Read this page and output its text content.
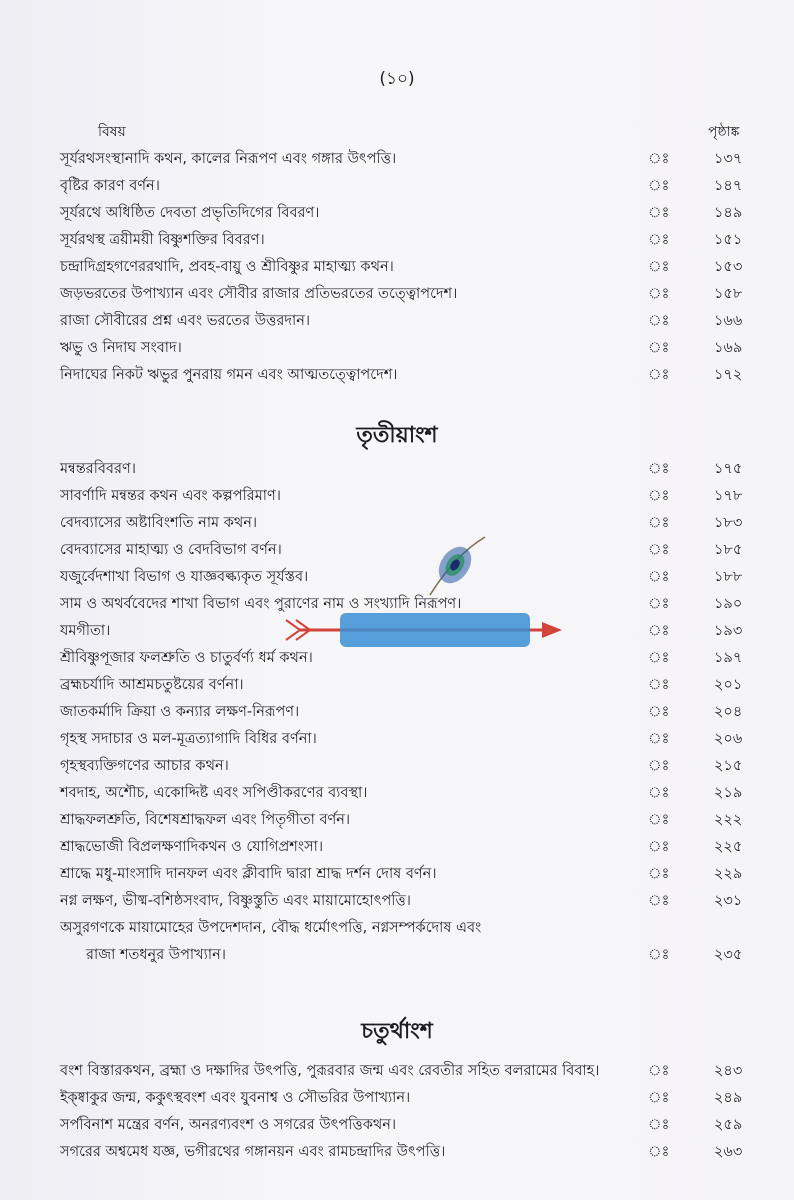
(১০)
বিষয়	পৃষ্ঠাঙ্ক
সূর্যরথসংস্থানাদি কথন, কালের নিরূপণ এবং গঙ্গার উৎপত্তি।	ঃ	১৩৭
বৃষ্টির কারণ বর্ণন।	ঃ	১৪৭
সূর্যরথে অধিষ্ঠিত দেবতা প্রভৃতিদিগের বিবরণ।	ঃ	১৪৯
সূর্যরথস্থ ত্রয়ীময়ী বিষ্ণুশক্তির বিবরণ।	ঃ	১৫১
চন্দ্রাদিগ্রহগণেররথাদি, প্রবহ-বায়ু ও শ্রীবিষ্ণুর মাহাত্ম্য কথন।	ঃ	১৫৩
জড়ভরতের উপাখ্যান এবং সৌবীর রাজার প্রতিভরতের তত্ত্বোপদেশ।	ঃ	১৫৮
রাজা সৌবীরের প্রশ্ন এবং ভরতের উত্তরদান।	ঃ	১৬৬
ঋভু ও নিদাঘ সংবাদ।	ঃ	১৬৯
নিদাঘের নিকট ঋভুর পুনরায় গমন এবং আত্মতত্ত্বোপদেশ।	ঃ	১৭২
তৃতীয়াংশ
মন্বন্তরবিবরণ।	ঃ	১৭৫
সাবর্ণাদি মন্বন্তর কথন এবং কল্পপরিমাণ।	ঃ	১৭৮
বেদব্যাসের অষ্টাবিংশতি নাম কথন।	ঃ	১৮৩
বেদব্যাসের মাহাত্ম্য ও বেদবিভাগ বর্ণন।	ঃ	১৮৫
যজুর্বেদশাখা বিভাগ ও যাজ্ঞবল্ক্যকৃত সূর্যস্তব।	ঃ	১৮৮
সাম ও অথর্ববেদের শাখা বিভাগ এবং পুরাণের নাম ও সংখ্যাদি নিরূপণ।	ঃ	১৯০
যমগীতা।	ঃ	১৯৩
শ্রীবিষ্ণুপূজার ফলশ্রুতি ও চাতুর্বর্ণ্য ধর্ম কথন।	ঃ	১৯৭
ব্রহ্মচর্যাদি আশ্রমচতুষ্টয়ের বর্ণনা।	ঃ	২০১
জাতকর্মাদি ক্রিয়া ও কন্যার লক্ষণ-নিরূপণ।	ঃ	২০৪
গৃহস্থ সদাচার ও মল-মূত্রত্যাগাদি বিধির বর্ণনা।	ঃ	২০৬
গৃহস্থব্যক্তিগণের আচার কথন।	ঃ	২১৫
শবদাহ, অশৌচ, একোদ্দিষ্ট এবং সপিণ্ডীকরণের ব্যবস্থা।	ঃ	২১৯
শ্রাদ্ধফলশ্রুতি, বিশেষশ্রাদ্ধফল এবং পিতৃগীতা বর্ণন।	ঃ	২২২
শ্রাদ্ধভোজী বিপ্রলক্ষণাদিকথন ও যোগিপ্রশংসা।	ঃ	২২৫
শ্রাদ্ধে মধু-মাংসাদি দানফল এবং ক্লীবাদি দ্বারা শ্রাদ্ধ দর্শন দোষ বর্ণন।	ঃ	২২৯
নগ্ন লক্ষণ, ভীষ্ম-বশিষ্ঠসংবাদ, বিষ্ণুস্তুতি এবং মায়ামোহোৎপত্তি।	ঃ	২৩১
অসুরগণকে মায়ামোহের উপদেশদান, বৌদ্ধ ধর্মোৎপত্তি, নগ্নসম্পর্কদোষ এবং
রাজা শতধনুর উপাখ্যান।	ঃ	২৩৫
চতুর্থাংশ
বংশ বিস্তারকথন, ব্রহ্মা ও দক্ষাদির উৎপত্তি, পুরূরবার জন্ম এবং রেবতীর সহিত বলরামের বিবাহ।	ঃ	২৪৩
ইক্ষ্বাকুর জন্ম, ককুৎস্থবংশ এবং যুবনাশ্ব ও সৌভরির উপাখ্যান।	ঃ	২৪৯
সর্পবিনাশ মন্ত্রের বর্ণন, অনরণ্যবংশ ও সগরের উৎপত্তিকথন।	ঃ	২৫৯
সগরের অশ্বমেধ যজ্ঞ, ভগীরথের গঙ্গানয়ন এবং রামচন্দ্রাদির উৎপত্তি।	ঃ	২৬৩
